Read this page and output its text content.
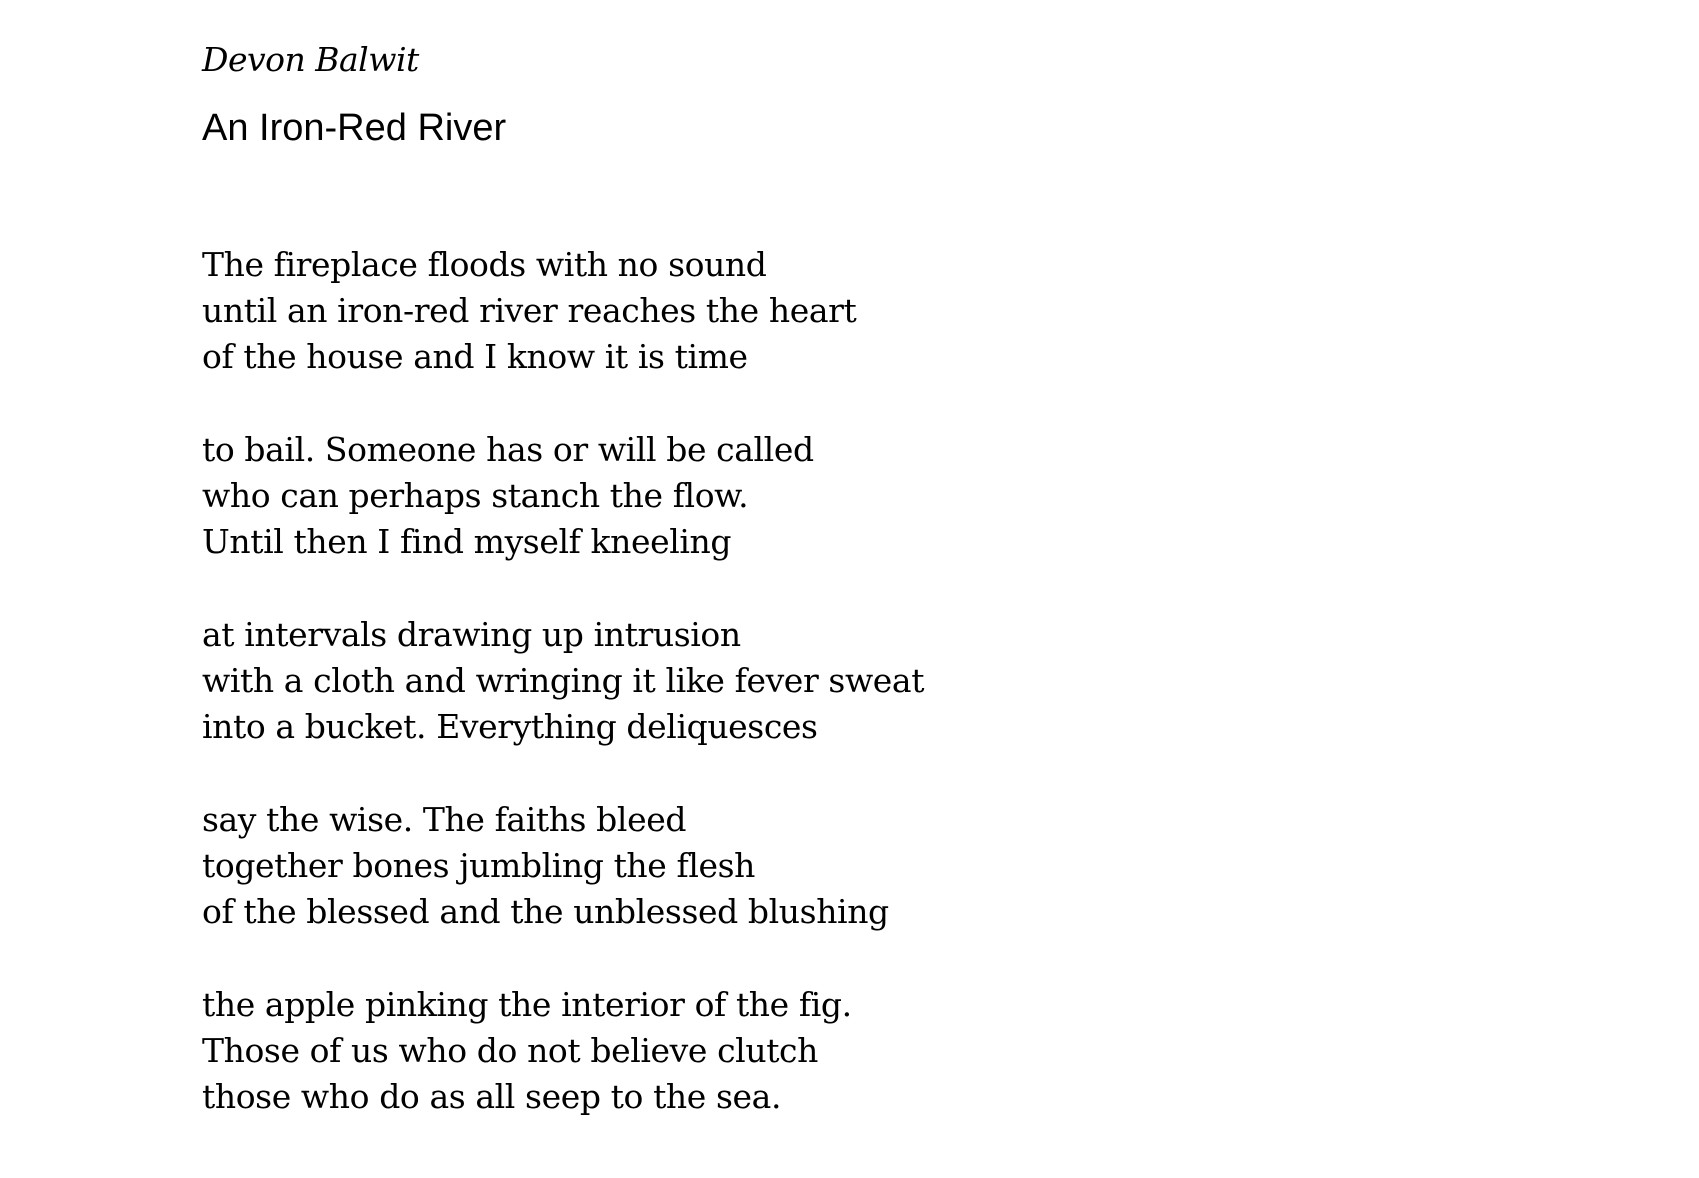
Devon Balwit

An Iron-Red River
The fireplace floods with no sound
until an iron-red river reaches the heart
of the house and I know it is time
to bail. Someone has or will be called
who can perhaps stanch the flow.
Until then I find myself kneeling
at intervals drawing up intrusion
with a cloth and wringing it like fever sweat
into a bucket. Everything deliquesces
say the wise. The faiths bleed
together bones jumbling the flesh
of the blessed and the unblessed blushing
the apple pinking the interior of the fig.
Those of us who do not believe clutch
those who do as all seep to the sea.
